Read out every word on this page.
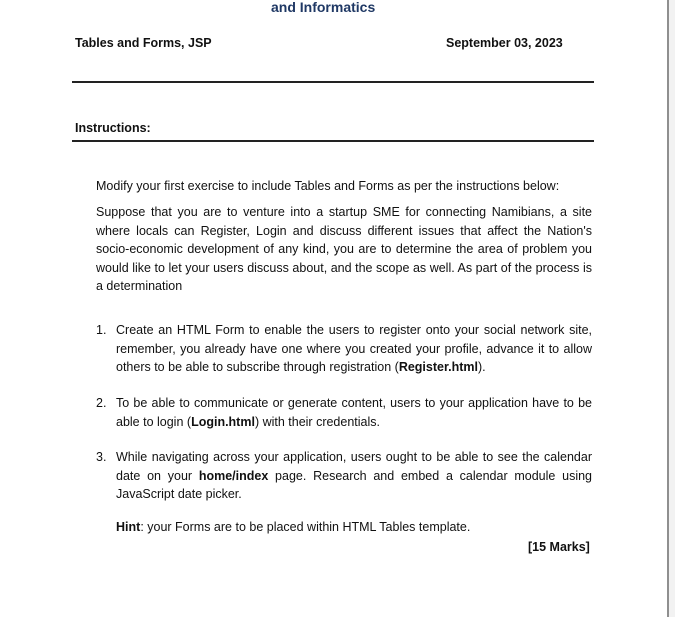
and Informatics
Tables and Forms, JSP	September 03, 2023
Instructions:
Modify your first exercise to include Tables and Forms as per the instructions below:
Suppose that you are to venture into a startup SME for connecting Namibians, a site where locals can Register, Login and discuss different issues that affect the Nation's socio-economic development of any kind, you are to determine the area of problem you would like to let your users discuss about, and the scope as well. As part of the process is a determination
1. Create an HTML Form to enable the users to register onto your social network site, remember, you already have one where you created your profile, advance it to allow others to be able to subscribe through registration (Register.html).
2. To be able to communicate or generate content, users to your application have to be able to login (Login.html) with their credentials.
3. While navigating across your application, users ought to be able to see the calendar date on your home/index page. Research and embed a calendar module using JavaScript date picker.
Hint: your Forms are to be placed within HTML Tables template.
[15 Marks]
